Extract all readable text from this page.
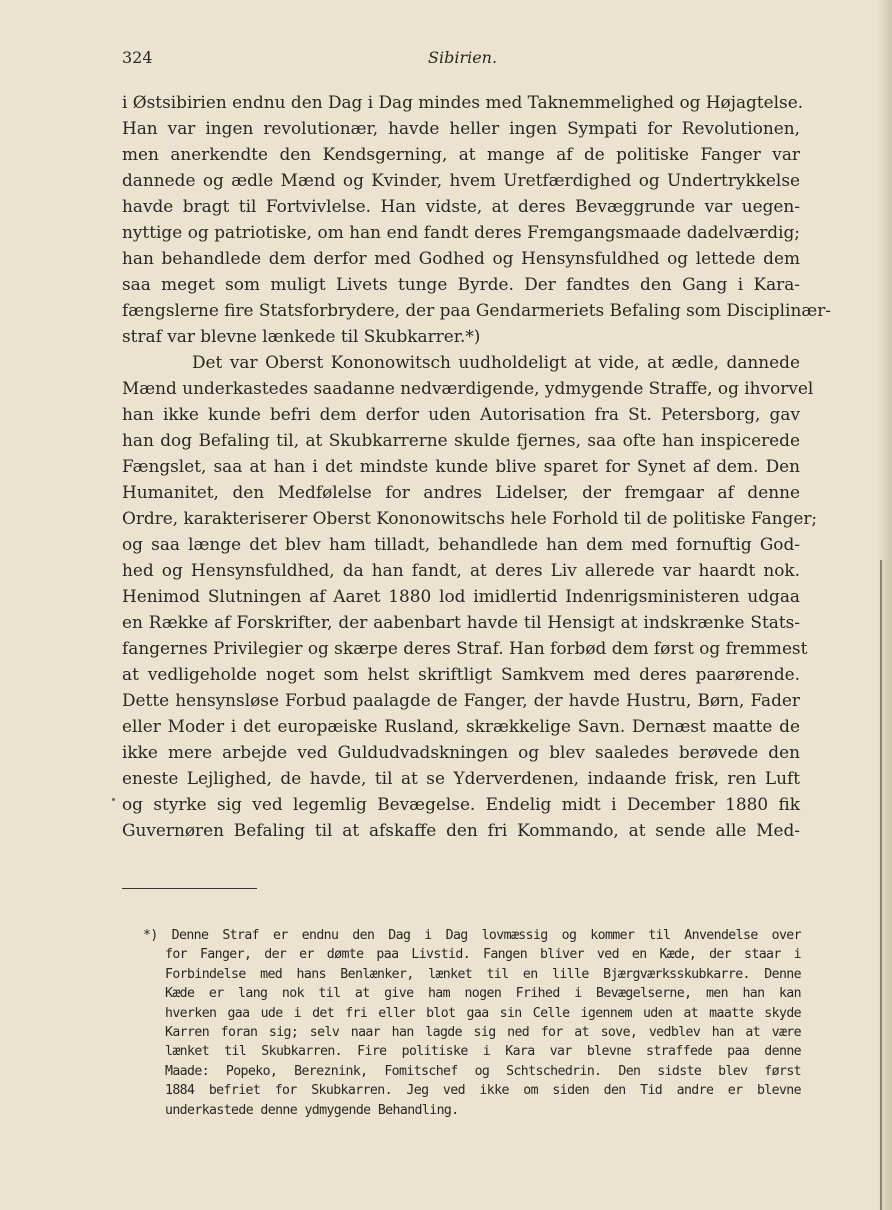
324	Sibirien.
i Østsibirien endnu den Dag i Dag mindes med Taknemmelighed og Højagtelse.
Han var ingen revolutionær, havde heller ingen Sympati for Revolutionen,
men anerkendte den Kendsgerning, at mange af de politiske Fanger var
dannede og ædle Mænd og Kvinder, hvem Uretfærdighed og Undertrykkelse
havde bragt til Fortvivlelse. Han vidste, at deres Bevæggrunde var uegen-
nyttige og patriotiske, om han end fandt deres Fremgangsmaade dadelværdig;
han behandlede dem derfor med Godhed og Hensynsfuldhed og lettede dem
saa meget som muligt Livets tunge Byrde. Der fandtes den Gang i Kara-
fængslerne fire Statsforbrydere, der paa Gendarmeriets Befaling som Disciplinær-
straf var blevne lænkede til Skubkarrer.*)
Det var Oberst Kononowitsch uudholdeligt at vide, at ædle, dannede
Mænd underkastedes saadanne nedværdigende, ydmygende Straffe, og ihvorvel
han ikke kunde befri dem derfor uden Autorisation fra St. Petersborg, gav
han dog Befaling til, at Skubkarrerne skulde fjernes, saa ofte han inspicerede
Fængslet, saa at han i det mindste kunde blive sparet for Synet af dem. Den
Humanitet, den Medfølelse for andres Lidelser, der fremgaar af denne
Ordre, karakteriserer Oberst Kononowitschs hele Forhold til de politiske Fanger;
og saa længe det blev ham tilladt, behandlede han dem med fornuftig God-
hed og Hensynsfuldhed, da han fandt, at deres Liv allerede var haardt nok.
Henimod Slutningen af Aaret 1880 lod imidlertid Indenrigsministeren udgaa
en Række af Forskrifter, der aabenbart havde til Hensigt at indskrænke Stats-
fangernes Privilegier og skærpe deres Straf. Han forbød dem først og fremmest
at vedligeholde noget som helst skriftligt Samkvem med deres paarørende.
Dette hensynsløse Forbud paalagde de Fanger, der havde Hustru, Børn, Fader
eller Moder i det europæiske Rusland, skrækkelige Savn. Dernæst maatte de
ikke mere arbejde ved Guldudvadskningen og blev saaledes berøvede den
eneste Lejlighed, de havde, til at se Yderverdenen, indaande frisk, ren Luft
og styrke sig ved legemlig Bevægelse. Endelig midt i December 1880 fik
Guvernøren Befaling til at afskaffe den fri Kommando, at sende alle Med-
*) Denne Straf er endnu den Dag i Dag lovmæssig og kommer til Anvendelse over
for Fanger, der er dømte paa Livstid. Fangen bliver ved en Kæde, der staar i
Forbindelse med hans Benlænker, lænket til en lille Bjærgværksskubkarre. Denne
Kæde er lang nok til at give ham nogen Frihed i Bevægelserne, men han kan
hverken gaa ude i det fri eller blot gaa sin Celle igennem uden at maatte skyde
Karren foran sig; selv naar han lagde sig ned for at sove, vedblev han at være
lænket til Skubkarren. Fire politiske i Kara var blevne straffede paa denne
Maade: Popeko, Bereznink, Fomitschef og Schtschedrin. Den sidste blev først
1884 befriet for Skubkarren. Jeg ved ikke om siden den Tid andre er blevne
underkastede denne ydmygende Behandling.
